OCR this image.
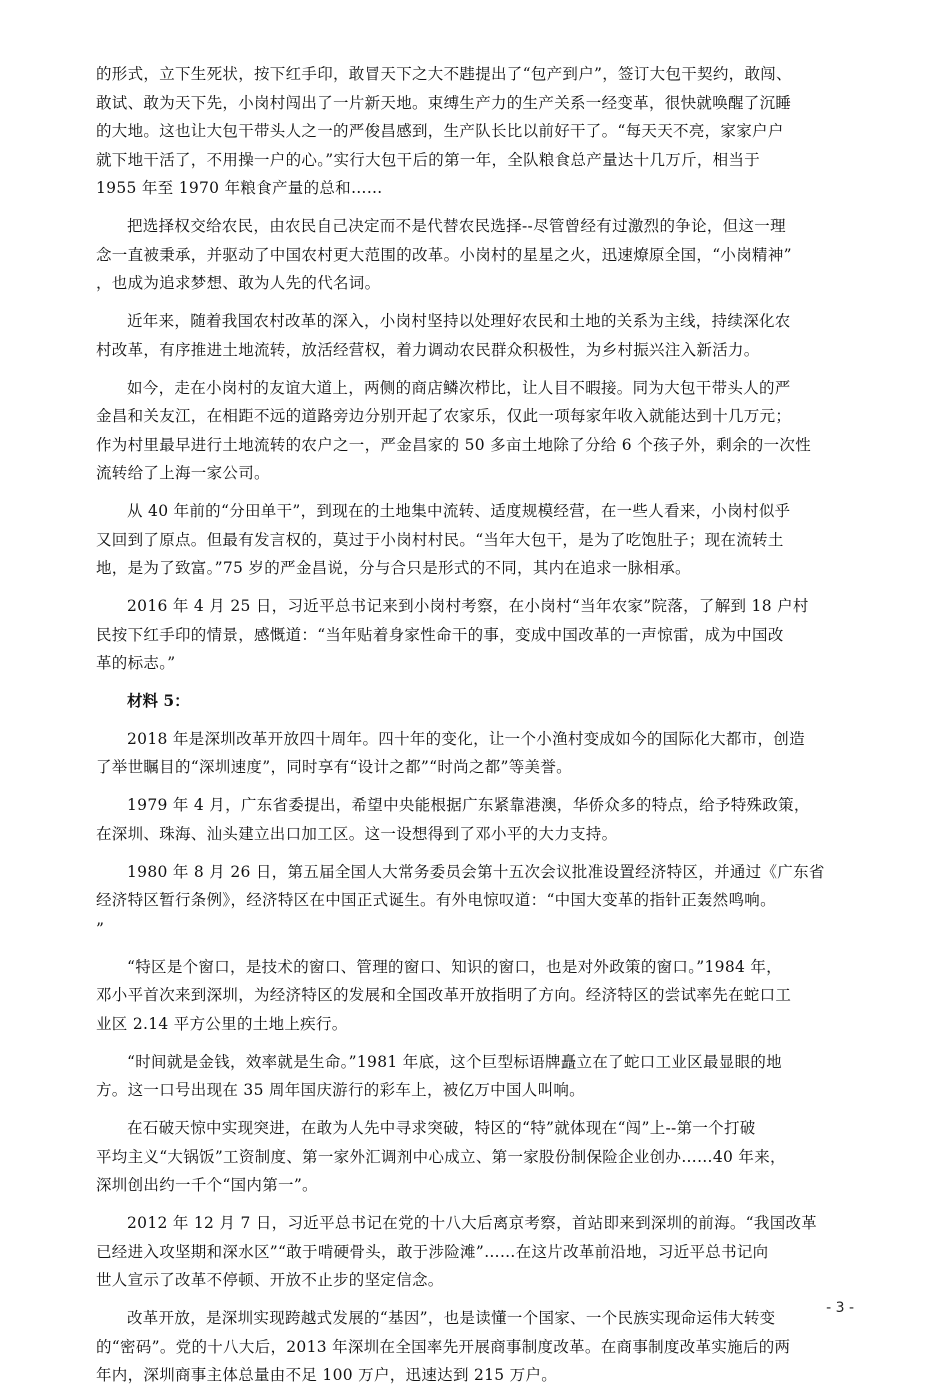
的形式，立下生死状，按下红手印，敢冒天下之大不韪提出了“包产到户”，签订大包干契约，敢闯、
敢试、敢为天下先，小岗村闯出了一片新天地。束缚生产力的生产关系一经变革，很快就唤醒了沉睡
的大地。这也让大包干带头人之一的严俊昌感到，生产队长比以前好干了。“每天天不亮，家家户户
就下地干活了，不用操一户的心。”实行大包干后的第一年，全队粮食总产量达十几万斤，相当于
1955 年至 1970 年粮食产量的总和……

把选择权交给农民，由农民自己决定而不是代替农民选择--尽管曾经有过激烈的争论，但这一理
念一直被秉承，并驱动了中国农村更大范围的改革。小岗村的星星之火，迅速燎原全国，“小岗精神”
，也成为追求梦想、敢为人先的代名词。

近年来，随着我国农村改革的深入，小岗村坚持以处理好农民和土地的关系为主线，持续深化农
村改革，有序推进土地流转，放活经营权，着力调动农民群众积极性，为乡村振兴注入新活力。

如今，走在小岗村的友谊大道上，两侧的商店鳞次栉比，让人目不暇接。同为大包干带头人的严
金昌和关友江，在相距不远的道路旁边分别开起了农家乐，仅此一项每家年收入就能达到十几万元；
作为村里最早进行土地流转的农户之一，严金昌家的 50 多亩土地除了分给 6 个孩子外，剩余的一次性
流转给了上海一家公司。

从 40 年前的“分田单干”，到现在的土地集中流转、适度规模经营，在一些人看来，小岗村似乎
又回到了原点。但最有发言权的，莫过于小岗村村民。“当年大包干，是为了吃饱肚子；现在流转土
地，是为了致富。”75 岁的严金昌说，分与合只是形式的不同，其内在追求一脉相承。

2016 年 4 月 25 日，习近平总书记来到小岗村考察，在小岗村“当年农家”院落，了解到 18 户村
民按下红手印的情景，感慨道：“当年贴着身家性命干的事，变成中国改革的一声惊雷，成为中国改
革的标志。”

材料 5：

2018 年是深圳改革开放四十周年。四十年的变化，让一个小渔村变成如今的国际化大都市，创造
了举世瞩目的“深圳速度”，同时享有“设计之都”“时尚之都”等美誉。

1979 年 4 月，广东省委提出，希望中央能根据广东紧靠港澳，华侨众多的特点，给予特殊政策，
在深圳、珠海、汕头建立出口加工区。这一设想得到了邓小平的大力支持。

1980 年 8 月 26 日，第五届全国人大常务委员会第十五次会议批准设置经济特区，并通过《广东省
经济特区暂行条例》，经济特区在中国正式诞生。有外电惊叹道：“中国大变革的指针正轰然鸣响。
”

“特区是个窗口，是技术的窗口、管理的窗口、知识的窗口，也是对外政策的窗口。”1984 年，
邓小平首次来到深圳，为经济特区的发展和全国改革开放指明了方向。经济特区的尝试率先在蛇口工
业区 2.14 平方公里的土地上疾行。

“时间就是金钱，效率就是生命。”1981 年底，这个巨型标语牌矗立在了蛇口工业区最显眼的地
方。这一口号出现在 35 周年国庆游行的彩车上，被亿万中国人叫响。

在石破天惊中实现突进，在敢为人先中寻求突破，特区的“特”就体现在“闯”上--第一个打破
平均主义“大锅饭”工资制度、第一家外汇调剂中心成立、第一家股份制保险企业创办……40 年来，
深圳创出约一千个“国内第一”。

2012 年 12 月 7 日，习近平总书记在党的十八大后离京考察，首站即来到深圳的前海。“我国改革
已经进入攻坚期和深水区”“敢于啃硬骨头，敢于涉险滩”……在这片改革前沿地，习近平总书记向
世人宣示了改革不停顿、开放不止步的坚定信念。

改革开放，是深圳实现跨越式发展的“基因”，也是读懂一个国家、一个民族实现命运伟大转变
的“密码”。党的十八大后，2013 年深圳在全国率先开展商事制度改革。在商事制度改革实施后的两
年内，深圳商事主体总量由不足 100 万户，迅速达到 215 万户。

- 3 -
